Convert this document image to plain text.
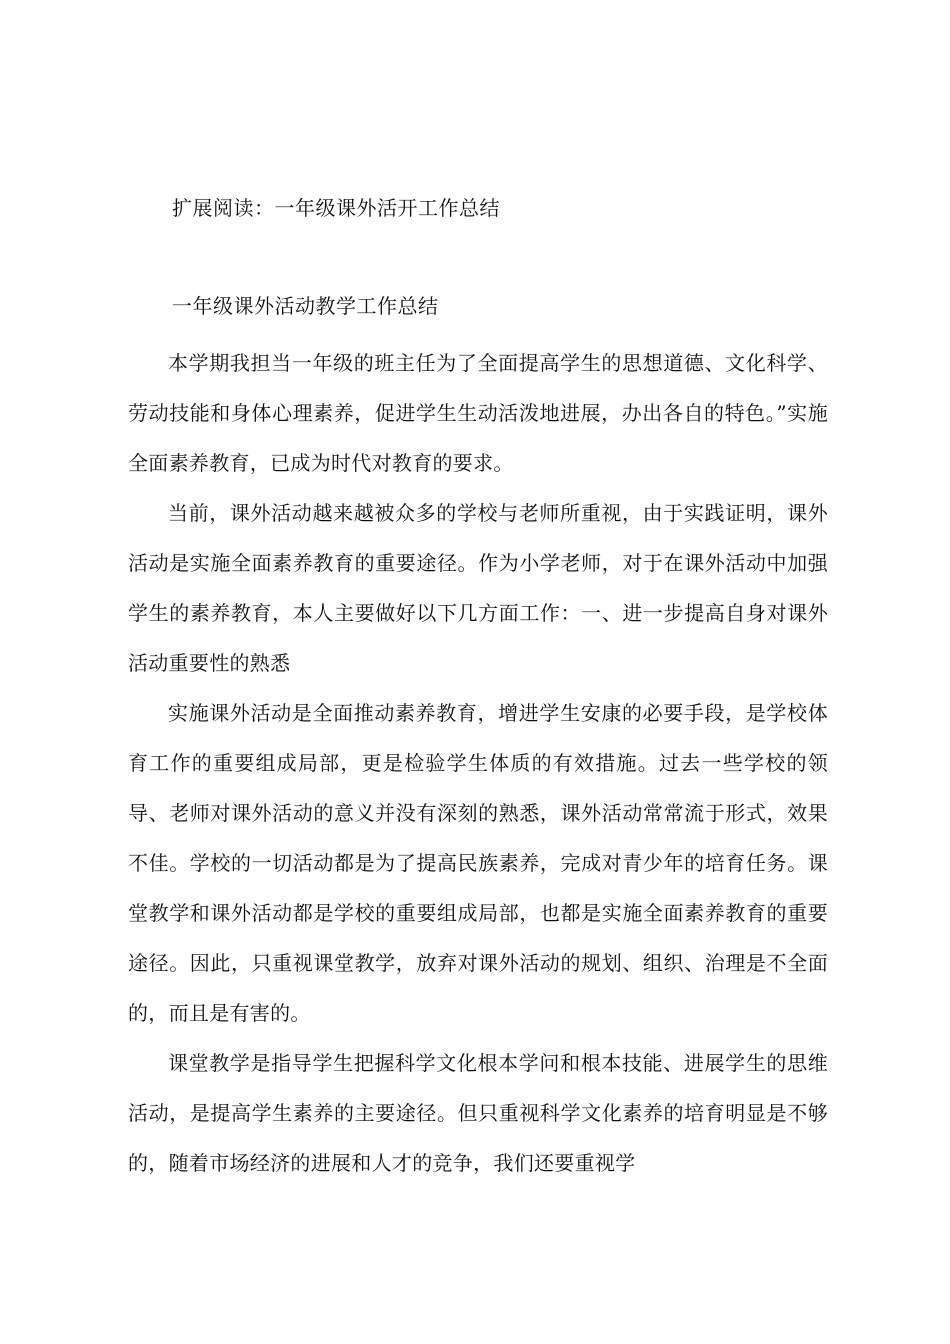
扩展阅读：一年级课外活开工作总结
一年级课外活动教学工作总结

本学期我担当一年级的班主任为了全面提高学生的思想道德、文化科学、劳动技能和身体心理素养，促进学生生动活泼地进展，办出各自的特色。”实施全面素养教育，已成为时代对教育的要求。

当前，课外活动越来越被众多的学校与老师所重视，由于实践证明，课外活动是实施全面素养教育的重要途径。作为小学老师，对于在课外活动中加强学生的素养教育，本人主要做好以下几方面工作：一、进一步提高自身对课外活动重要性的熟悉

实施课外活动是全面推动素养教育，增进学生安康的必要手段，是学校体育工作的重要组成局部，更是检验学生体质的有效措施。过去一些学校的领导、老师对课外活动的意义并没有深刻的熟悉，课外活动常常流于形式，效果不佳。学校的一切活动都是为了提高民族素养，完成对青少年的培育任务。课堂教学和课外活动都是学校的重要组成局部，也都是实施全面素养教育的重要途径。因此，只重视课堂教学，放弃对课外活动的规划、组织、治理是不全面的，而且是有害的。

课堂教学是指导学生把握科学文化根本学问和根本技能、进展学生的思维活动，是提高学生素养的主要途径。但只重视科学文化素养的培育明显是不够的，随着市场经济的进展和人才的竞争，我们还要重视学
